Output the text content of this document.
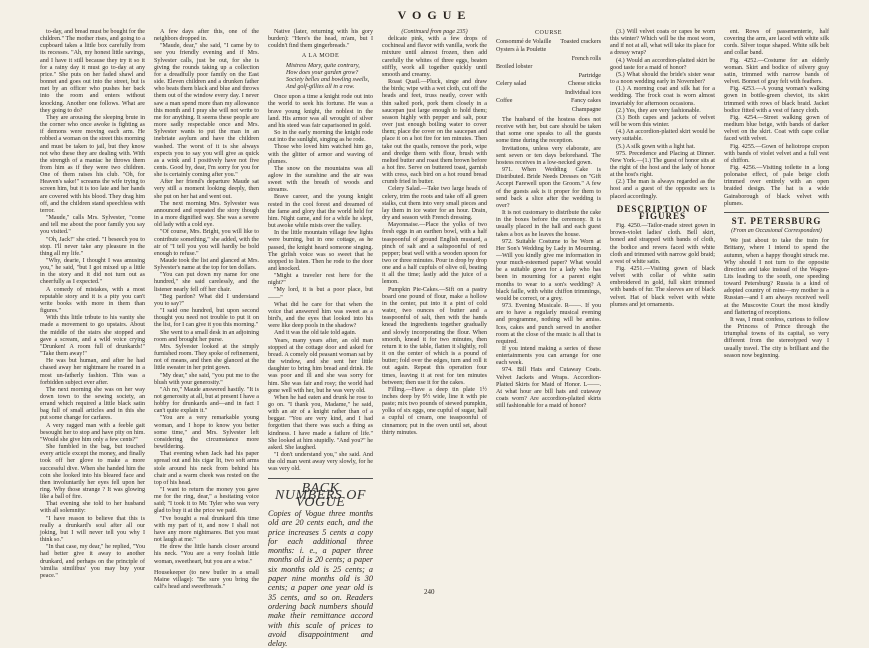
VOGUE

to-day, and bread must be bought for the children." The mother rises, and going to a cupboard takes a little box carefully from its recesses. "Ah, my honest little savings, and I have it still because they try it so it for a rainy day it must go to-day at any price." She puts on her faded shawl and bonnet and goes out into the street, but is met by an officer who pushes her back into the room and enters without knocking. Another one follows. What are they going to do?

They are arousing the sleeping brute in the corner who once awoke is fighting as if demons were moving each arm. He robbed a woman on the street this morning and must be taken to jail, but they know not who these they are dealing with. With the strength of a maniac he throws them from him as if they were two children. One of them raises his club. "Oh, for Heaven's sake!" screams the wife trying to screen him, but it is too late and her hands are covered with his blood. They drag him off, and the children stand speechless with terror.

"Maude," calls Mrs. Sylvester, "come and tell me about the poor family you say you visited."

"Oh, Jack!" she cried. "I beseech you to stop. I'll never take any pleasure in the thing all my life."

"Why, dearie, I thought I was amusing you," he said, "but I got mixed up a little in the story and it did not turn out as cheerfully as I expected."

A comedy of mistakes, with a most reputable story and it is a pity you can't write books with more in them than figures."

With this little tribute to his vanity she made a movement to go upstairs. About the middle of the stairs she stopped and gave a scream, and a wild voice crying "Drunken! A room full of drunkards!" "Take them away!"

He was but human, and after he had chased away her nightmare he roared in a most un-fatherly fashion. This was a forbidden subject ever after.

The next morning she was on her way down town to the sewing society, an errand which required a little black satin bag full of small articles and in this she put some change for carfares.

A very ragged man with a feeble gait besought her to stop and have pity on him. "Would she give him only a few cents?"

She fumbled in the bag, but touched every article except the money, and finally took off her glove to make a more successful dive. When she handed him the coin she looked into his bleared face and then involuntarily her eyes fell upon her ring. Why those strange ? It was glowing like a ball of fire.

That evening she told to her husband with all solemnity:

"I have reason to believe that this is really a drunkard's soul after all our joking, but I will never tell you why I think so."

"In that case, my dear," he replied, "You had better give it away to another drunkard, and perhaps on the principle of 'similia similibus' you may buy your peace."

A few days after this, one of the neighbors dropped in.

"Maude, dear," she said, "I came by to see you friendly evening and if Mrs. Sylvester calls, just be out, for she is giving the rounds taking up a collection for a dreadfully poor family on the East side. Eleven children and a drunken father who beats them black and blue and throws them out of the window every day. I never saw a man spend more than my allowance this month and I pray she will not write to me for anything. It seems these people are more sadly respectable once and Mrs. Sylvester wants to put the man in an inebriate asylum and have the children washed. The worst of it is she always expects you to say you will give as quick as a wink and I positively have not five cents. Good by, dear, I'm sorry for you for she is certainly coming after you."

After her friend's departure Maude sat very still a moment looking deeply, then she put on her hat and went out.

The next morning Mrs. Sylvester was announced and repeated the story though in a more dignified way. She was a severe old lady with a cold eye.

"Of course, Mrs. Bright, you will like to contribute something," she added, with the air of "I tell you you will hardly be bold enough to refuse."

Maude took the list and glanced at Mrs. Sylvester's name at the top for ten dollars.

"You can put down my name for one hundred," she said carelessly, and the listener nearly fell off her chair.

"Beg pardon? What did I understand you to say?"

"I said one hundred, but upon second thought you need not trouble to put it on the list, for I can give it you this morning."

She went to a small desk in an adjoining room and brought her purse.

Mrs. Sylvester looked at the simply furnished room. They spoke of refinement, not of means, and then she glanced at the little sweater in her print gown.

"My dear," she said, "you put me to the blush with your generosity."

"Ah no," Maude answered hastily. "It is not generosity at all, but at present I have a hobby for drunkards and—and in fact I can't quite explain it."

"You are a very remarkable young woman, and I hope to know you better some time," and Mrs. Sylvester left considering the circumstance more bewildering.

That evening when Jack had his paper spread out and his cigar lit, two soft arms stole around his neck from behind his chair and a warm cheek was rested on the top of his head.

"I want to return the money you gave me for the ring, dear," a hesitating voice said; "I took it to Mr. Tyler who was very glad to buy it at the price we paid.

"I've bought a real drunkard this time with my part of it, and now I shall not have any more nightmares. But you must not laugh at me."

He drew the little hands closer around his neck. "You are a very foolish little woman, sweetheart, but you are a wise."

Housekeeper (to new butler in a small Maine village): "Be sure you bring the calf's head and sweetbreads."

Native (later, returning with his gory burden): "Here's the head, m'am, but I couldn't find them gingerbreads."

A LA MODE

Mistress Mary, quite contrary,
How does your garden grow?
Society belles and bowling swells,
And golf-gillies all in a row.

Once upon a time a knight rode out into the world to seek his fortune. He was a brave young knight, the noblest in the land. His armor was all wrought of silver and his steed was fair caparisoned in gold.

So in the early morning the knight rode out into the sunlight, singing as he rode.

Those who loved him watched him go, with the glitter of armor and waving of plumes.

The snow on the mountains was all aglow in the sunshine and the air was sweet with the breath of woods and streams.

Brave career, and the young knight rested in the cool forest and dreamed of the fame and glory that the world held for him. Night came, and for a while he slept, but awoke while mists over the valley.

In the little mountain village few lights were burning, but in one cottage, as he passed, the knight heard someone singing. The girlish voice was so sweet that he stopped to listen. Then he rode to the door and knocked.

"Might a traveler rest here for the night?"

"My lord, it is but a poor place, but——"

What did he care for that when the voice that answered him was sweet as a bird's, and the eyes that looked into his were like deep pools in the shadow?

And it was the old tale told again.

Years, many years after, an old man stopped at the cottage door and asked for bread. A comely old peasant woman sat by the window, and she sent her little daughter to bring him bread and drink. He was poor and ill and she was sorry for him. She was fair and rosy; the world had gone well with her, but he was very old.

When he had eaten and drunk he rose to go on. "I thank you, Madame," he said, with an air of a knight rather than of a beggar. "You are very kind, and I had forgotten that there was such a thing as kindness. I have made a failure of life." She looked at him stupidly. "And you?" he asked. She laughed.

"I don't understand you," she said. And the old man went away very slowly, for he was very old.

BACK NUMBERS OF VOGUE
Copies of Vogue three months old are 20 cents each, and the price increases 5 cents a copy for each additional three months: i. e., a paper three months old is 20 cents; a paper six months old is 25 cents; a paper nine months old is 30 cents; a paper one year old is 35 cents, and so on. Readers ordering back numbers should make their remittance accord with this scale of prices to avoid disappointment and delay.

(Continued from page 235)

delicate pink, with a few drops of cochineal and flavor with vanilla, work the mixture until almost frozen, then add carefully the whites of three eggs, beaten stiffly, work all together quickly until smooth and creamy.

Roast Quail.—Pluck, singe and draw the birds; wipe with a wet cloth, cut off the heads and feet, truss neatly, cover with thin salted pork, pork them closely in a saucepan just large enough to hold them; season highly with pepper and salt, pour over just enough boiling water to cover them; place the cover on the saucepan and place it on a hot fire for ten minutes. Then take out the quails, remove the pork, wipe and dredge them with flour, brush with melted butter and roast them brown before a hot fire. Serve on buttered toast, garnish with cress, each bird on a hot round bread crumb fried in butter.

Celery Salad.—Take two large heads of celery, trim the roots and take off all green stalks, cut them into very small pieces and lay them in ice water for an hour. Drain, dry and season with French dressing.

Mayonnaise.—Place the yolks of two fresh eggs in an earthen bowl, with a half teaspoonful of ground English mustard, a pinch of salt and a saltspoonful of red pepper; beat well with a wooden spoon for two or three minutes. Pour in drop by drop one and a half cupfuls of olive oil, beating it all the time; lastly add the juice of a lemon.

Pumpkin Pie-Cakes.—Sift on a pastry board one pound of flour, make a hollow in the center, put into it a pint of cold water, two ounces of butter and a teaspoonful of salt, then with the hands knead the ingredients together gradually and slowly incorporating the flour. When smooth, knead it for two minutes, then return it to the table, flatten it slightly, roll it on the center of which is a pound of butter; fold over the edges, turn and roll it out again. Repeat this operation four times, leaving it at rest for ten minutes between; then use it for the cakes.

Filling.—Have a deep tin plate 1½ inches deep by 9½ wide, line it with pie paste; mix two pounds of stewed pumpkin, yolks of six eggs, one cupful of sugar, half a cupful of cream, one teaspoonful of cinnamon; put in the oven until set, about thirty minutes.

COURSE
Consommé de Volaille Toasted crackers
Oysters à la Poulette
French rolls
Broiled lobster
Partridge
Celery salad	Cheese sticks
Individual ices
Coffee	Fancy cakes
Champagne

The husband of the hostess does not receive with her, but care should be taken that some one speaks to all the guests some time during the reception.

Invitations, unless very elaborate, are sent seven or ten days beforehand. The hostess receives in a low-necked gown.

971. When Wedding Cake is Distributed. Bride Needs Dresses on "Gift Accept Farewell upon the Groom." A few of the guests ask is it proper for them to send back a slice after the wedding is over?

It is not customary to distribute the cake in the boxes before the ceremony. It is usually placed in the hall and each guest takes a box as he leaves the house.

972. Suitable Costume to be Worn at Her Son's Wedding by Lady in Mourning.—Will you kindly give me information in your much-esteemed paper? What would be a suitable gown for a lady who has been in mourning for a parent eight months to wear to a son's wedding? A black faille, with white chiffon trimmings, would be correct, or a grey.

973. Evening Musicale. R——. If you are to have a regularly musical evening and programme, nothing will be amiss. Ices, cakes and punch served in another room at the close of the music is all that is required.

If you intend making a series of these entertainments you can arrange for one each week.

974. Bill Hats and Cutaway Coats. Velvet Jackets and Wraps. Accordion-Plaited Skirts for Maid of Honor. L——. At what hour are bill hats and cutaway coats worn? Are accordion-plaited skirts still fashionable for a maid of honor?

(3.) Will velvet coats or capes be worn this winter? Which will be the most worn, and if not at all, what will take its place for a dressy wrap?

(4.) Would an accordion-plaited skirt be good taste for a maid of honor?

(5.) What should the bride's sister wear to a noon wedding early in November?

(1.) A morning coat and silk hat for a wedding. The frock coat is worn almost invariably for afternoon occasions.

(2.) Yes, they are very fashionable.

(3.) Both capes and jackets of velvet will be worn this winter.

(4.) An accordion-plaited skirt would be very suitable.

(5.) A silk gown with a light hat.

975. Precedence and Placing at Dinner. New York.—(1.) The guest of honor sits at the right of the host and the lady of honor at the host's right.

(2.) The man is always regarded as the host and a guest of the opposite sex is placed accordingly.

DESCRIPTION OF FIGURES

Fig. 4250.—Tailor-made street gown in brown-violet ladies' cloth. Bell skirt, boned and strapped with bands of cloth, the bodice and revers faced with white cloth and trimmed with narrow gold braid; a vest of white satin.

Fig. 4251.—Visiting gown of black velvet with collar of white satin embroidered in gold, full skirt trimmed with bands of fur. The sleeves are of black velvet. Hat of black velvet with white plumes and jet ornaments.

ent. Rows of passementerie, half covering the arm, are laced with white silk cords. Silver toque shaped. White silk belt and collar band.

Fig. 4252.—Costume for an elderly woman. Skirt and bodice of silvery gray satin, trimmed with narrow bands of velvet. Bonnet of gray felt with feathers.

Fig. 4253.—A young woman's walking gown in bottle-green cheviot, its skirt trimmed with rows of black braid. Jacket bodice fitted with a vest of fancy cloth.

Fig. 4254.—Street walking gown of medium blue beige, with bands of darker velvet on the skirt. Coat with cape collar faced with velvet.

Fig. 4255.—Gown of heliotrope crepon with bands of violet velvet and a full vest of chiffon.

Fig. 4256.—Visiting toilette in a long polonaise effect, of pale beige cloth trimmed over entirely with an open braided design. The hat is a wide Gainsborough of black velvet with plumes.

ST. PETERSBURG
(From an Occasional Correspondent)

We just about to take the train for Brittany, where I intend to spend the autumn, when a happy thought struck me. Why should I not turn to the opposite direction and take instead of the Wagon-Lits leading to the south, one speeding toward Petersburg? Russia is a kind of adopted country of mine—my mother is a Russian—and I am always received well at the Muscovite Court the most kindly and flattering of receptions.

It was, I must confess, curious to follow the Princess of Prince through the triumphal towns of its capital, so very different from the stereotyped way I usually travel. The city is brilliant and the season now beginning.

240
